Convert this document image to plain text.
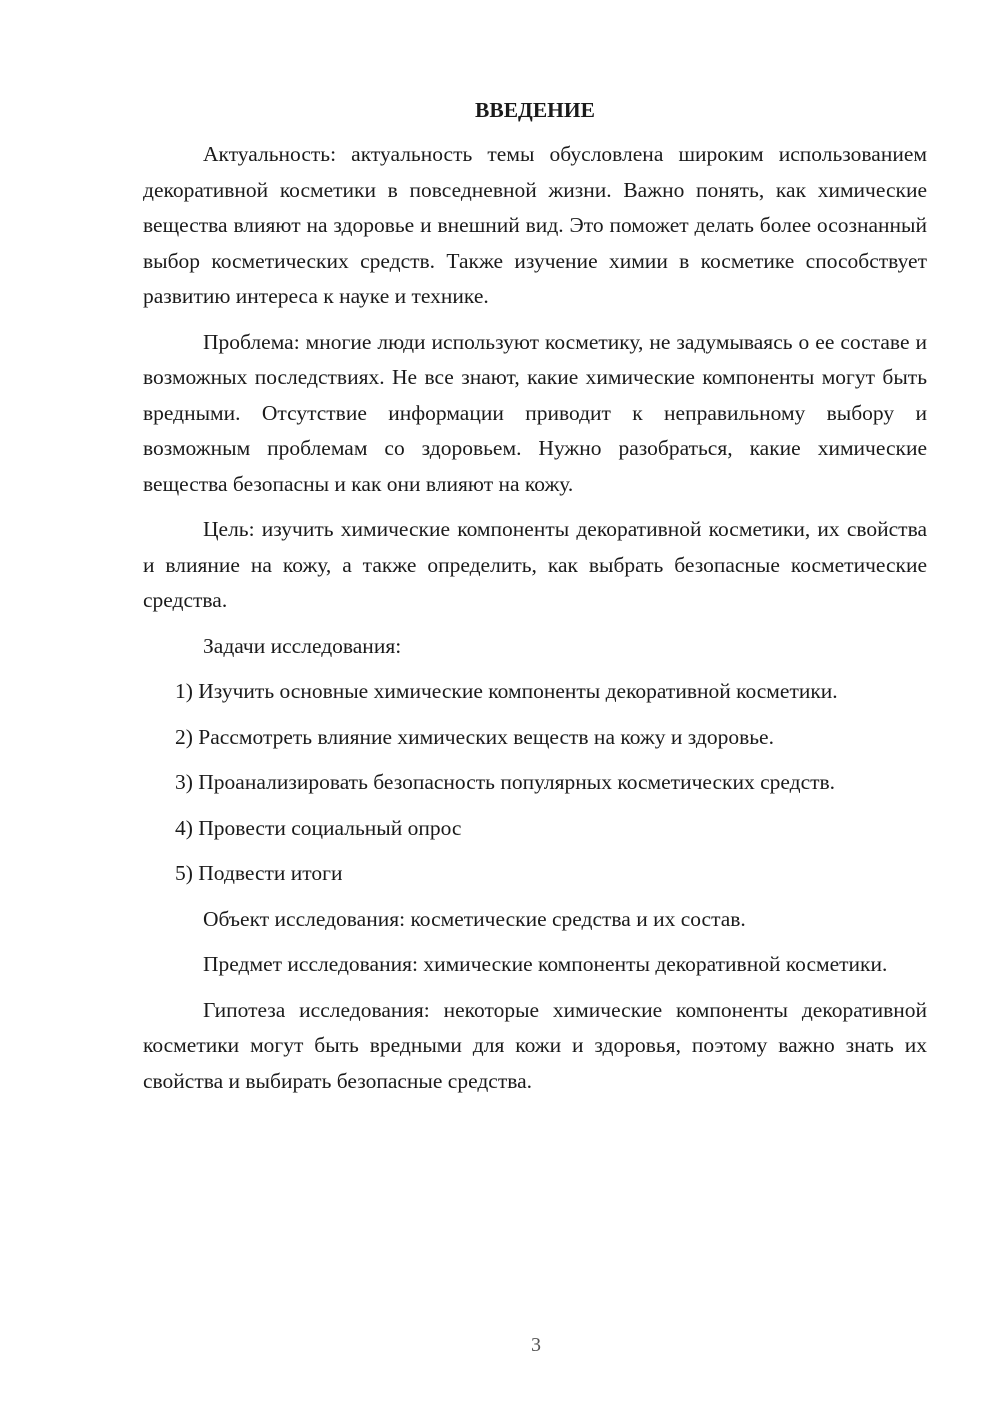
ВВЕДЕНИЕ

Актуальность: актуальность темы обусловлена широким использованием декоративной косметики в повседневной жизни. Важно понять, как химические вещества влияют на здоровье и внешний вид. Это поможет делать более осознанный выбор косметических средств. Также изучение химии в косметике способствует развитию интереса к науке и технике.

Проблема: многие люди используют косметику, не задумываясь о ее составе и возможных последствиях. Не все знают, какие химические компоненты могут быть вредными. Отсутствие информации приводит к неправильному выбору и возможным проблемам со здоровьем. Нужно разобраться, какие химические вещества безопасны и как они влияют на кожу.

Цель: изучить химические компоненты декоративной косметики, их свойства и влияние на кожу, а также определить, как выбрать безопасные косметические средства.

Задачи исследования:

1) Изучить основные химические компоненты декоративной косметики.

2) Рассмотреть влияние химических веществ на кожу и здоровье.

3) Проанализировать безопасность популярных косметических средств.

4) Провести социальный опрос

5) Подвести итоги

Объект исследования: косметические средства и их состав.

Предмет исследования: химические компоненты декоративной косметики.

Гипотеза исследования: некоторые химические компоненты декоративной косметики могут быть вредными для кожи и здоровья, поэтому важно знать их свойства и выбирать безопасные средства.

3
